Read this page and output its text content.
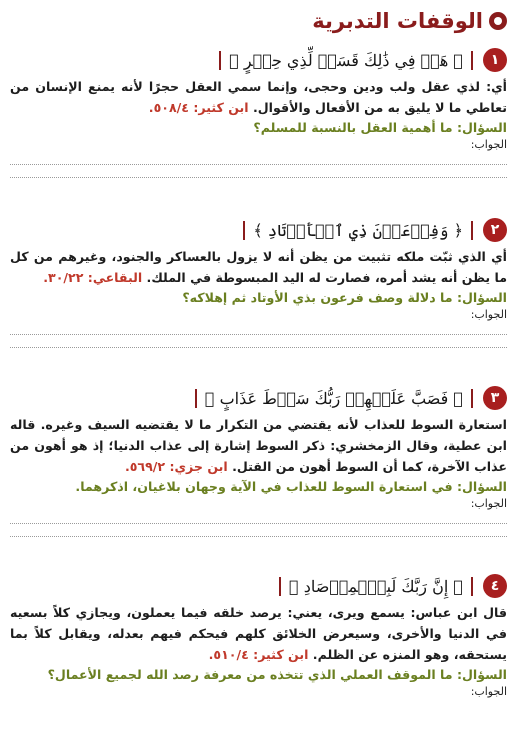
الوقفات التدبرية
١
﴿ هَلۡ فِي ذَٰلِكَ قَسَمٞ لِّذِي حِجۡرٍ ﴾
أي: لذي عقل ولب ودين وحجى، وإنما سمي العقل حجرًا لأنه يمنع الإنسان من تعاطي ما لا يليق به من الأفعال والأقوال. ابن كثير: ٥٠٨/٤.
السؤال: ما أهمية العقل بالنسبة للمسلم؟
الجواب:
٢
﴿ وَفِرۡعَوۡنَ ذِي ٱلۡأَوۡتَادِ ﴾
أي الذي ثبّت ملكه تثبيت من يظن أنه لا يزول بالعساكر والجنود، وغيرهم من كل ما يظن أنه يشد أمره، فصارت له اليد المبسوطة في الملك. البقاعي: ٣٠/٢٢.
السؤال: ما دلالة وصف فرعون بذي الأوتاد ثم إهلاكه؟
الجواب:
٣
﴿ فَصَبَّ عَلَيۡهِمۡ رَبُّكَ سَوۡطَ عَذَابٍ ﴾
استعارة السوط للعذاب لأنه يقتضي من التكرار ما لا يقتضيه السيف وغيره. قاله ابن عطية، وقال الزمخشري: ذكر السوط إشارة إلى عذاب الدنيا؛ إذ هو أهون من عذاب الآخرة، كما أن السوط أهون من القتل. ابن جزي: ٥٦٩/٢.
السؤال: في استعارة السوط للعذاب في الآية وجهان بلاغيان، اذكرهما.
الجواب:
٤
﴿ إِنَّ رَبَّكَ لَبِٱلۡمِرۡصَادِ ﴾
قال ابن عباس: يسمع ويرى، يعني: يرصد خلقه فيما يعملون، ويجازي كلاً بسعيه في الدنيا والأخرى، وسيعرض الخلائق كلهم فيحكم فيهم بعدله، ويقابل كلاً بما يستحقه، وهو المنزه عن الظلم. ابن كثير: ٥١٠/٤.
السؤال: ما الموقف العملي الذي تتخذه من معرفة رصد الله لجميع الأعمال؟
الجواب:
